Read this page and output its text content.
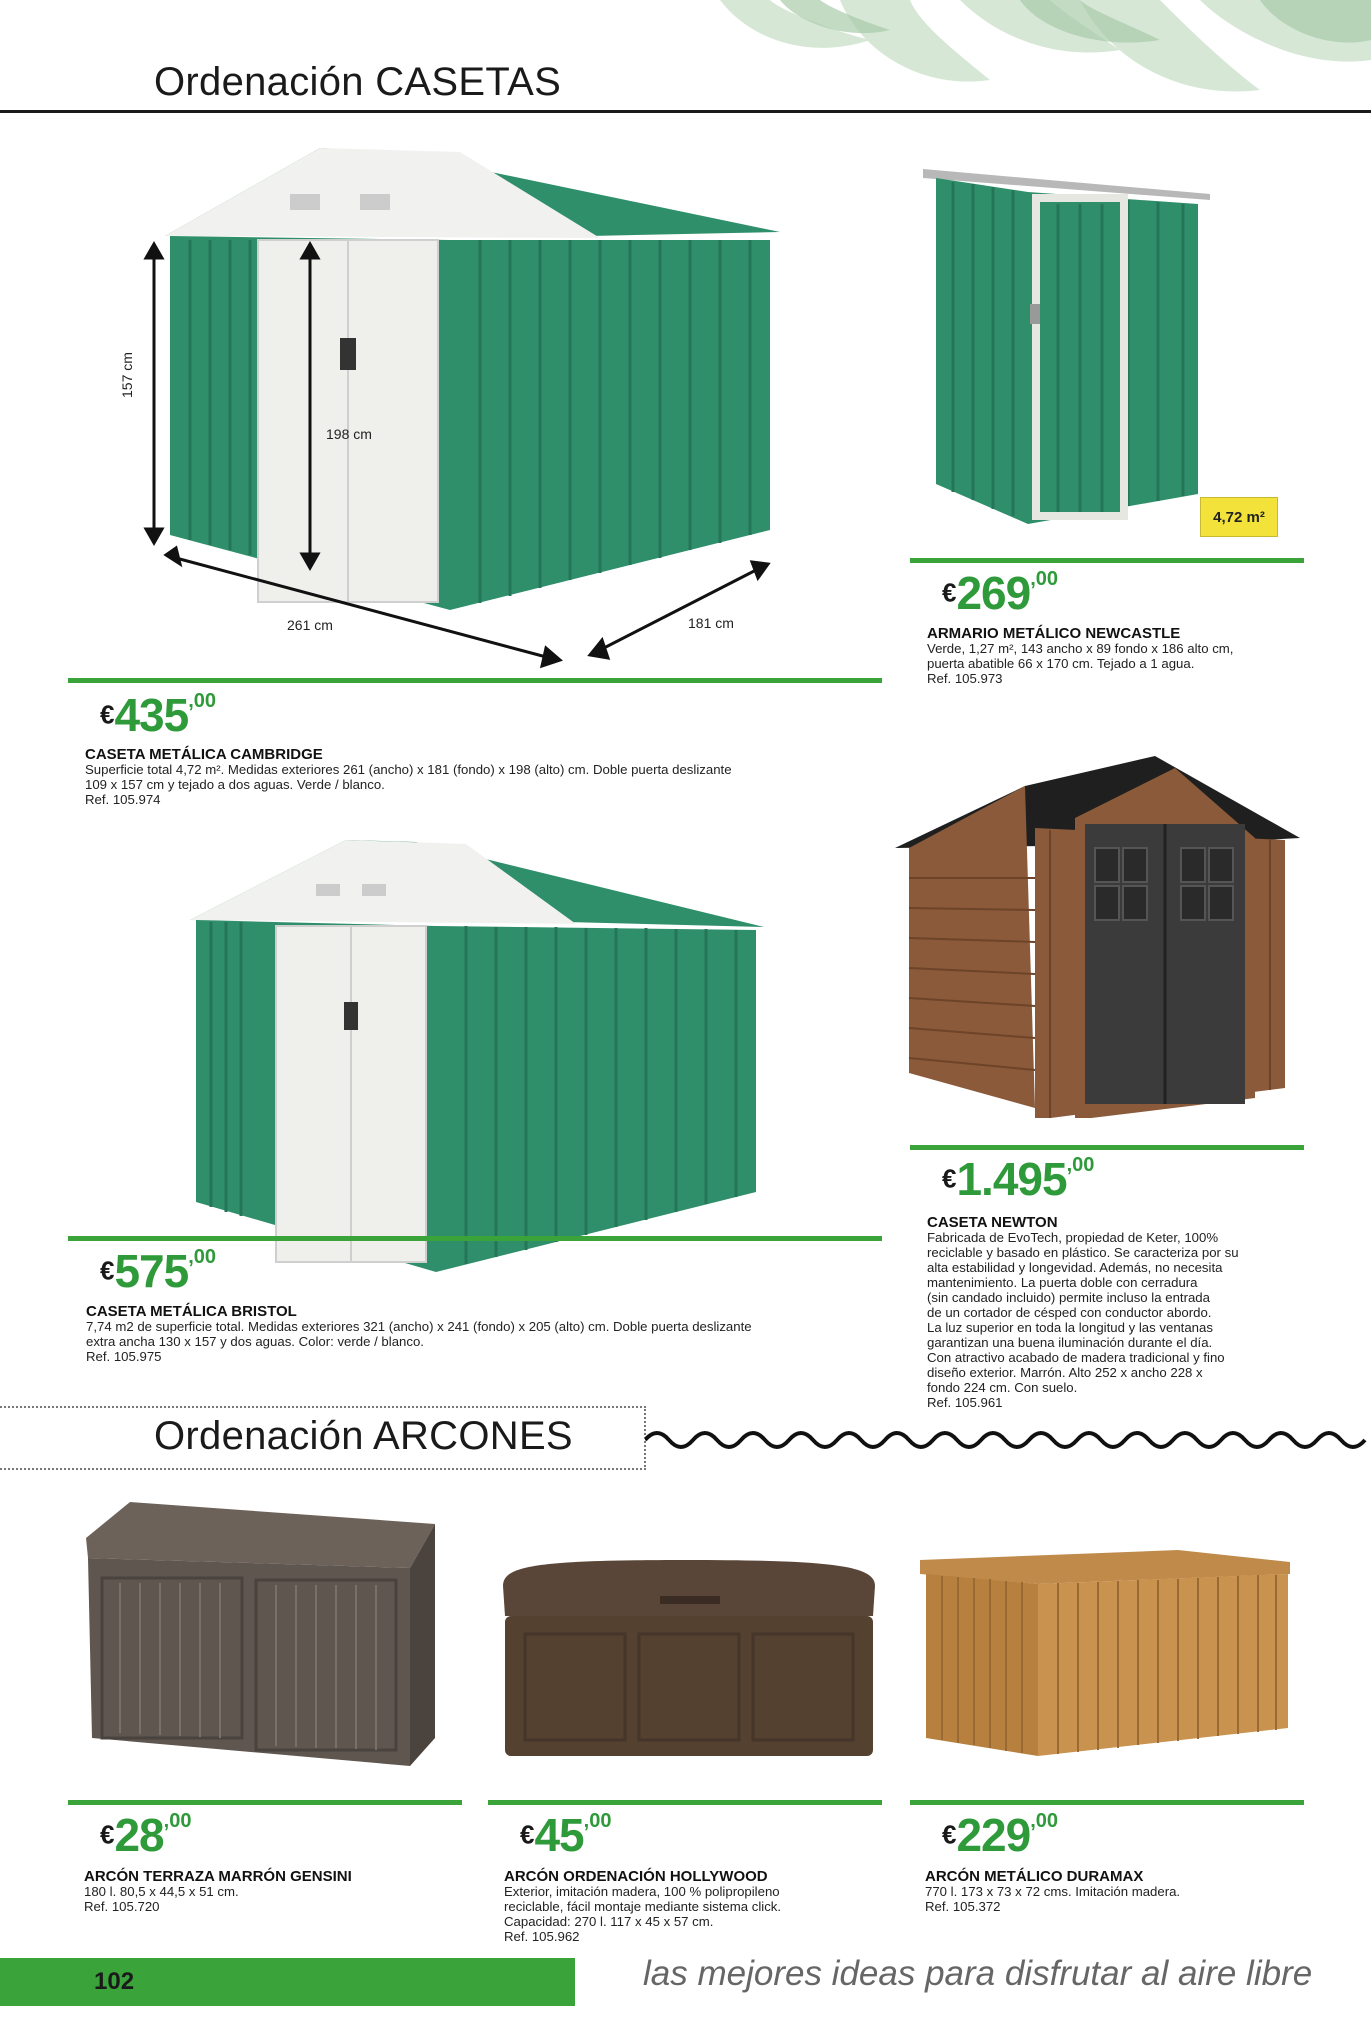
Ordenación CASETAS
157 cm
198 cm
261 cm	181 cm
€435,00
CASETA METÁLICA CAMBRIDGE
Superficie total 4,72 m². Medidas exteriores 261 (ancho) x 181 (fondo) x 198 (alto) cm. Doble puerta deslizante
109 x 157 cm y tejado a dos aguas. Verde / blanco.
Ref. 105.974
4,72 m²
€269,00
ARMARIO METÁLICO NEWCASTLE
Verde, 1,27 m², 143 ancho x 89 fondo x 186 alto cm,
puerta abatible 66 x 170 cm. Tejado a 1 agua.
Ref. 105.973
€575,00
CASETA METÁLICA BRISTOL
7,74 m2 de superficie total. Medidas exteriores 321 (ancho) x 241 (fondo) x 205 (alto) cm. Doble puerta deslizante
extra ancha 130 x 157 y dos aguas. Color: verde / blanco.
Ref. 105.975
€1.495,00
CASETA NEWTON
Fabricada de EvoTech, propiedad de Keter, 100%
reciclable y basado en plástico. Se caracteriza por su
alta estabilidad y longevidad. Además, no necesita
mantenimiento. La puerta doble con cerradura
(sin candado incluido) permite incluso la entrada
de un cortador de césped con conductor abordo.
La luz superior en toda la longitud y las ventanas
garantizan una buena iluminación durante el día.
Con atractivo acabado de madera tradicional y fino
diseño exterior. Marrón. Alto 252 x ancho 228 x
fondo 224 cm. Con suelo.
Ref. 105.961
Ordenación ARCONES
€28,00
ARCÓN TERRAZA MARRÓN GENSINI
180 l. 80,5 x 44,5 x 51 cm.
Ref. 105.720
€45,00
ARCÓN ORDENACIÓN HOLLYWOOD
Exterior, imitación madera, 100 % polipropileno
reciclable, fácil montaje mediante sistema click.
Capacidad: 270 l. 117 x 45 x 57 cm.
Ref. 105.962
€229,00
ARCÓN METÁLICO DURAMAX
770 l. 173 x 73 x 72 cms. Imitación madera.
Ref. 105.372
102	las mejores ideas para disfrutar al aire libre
